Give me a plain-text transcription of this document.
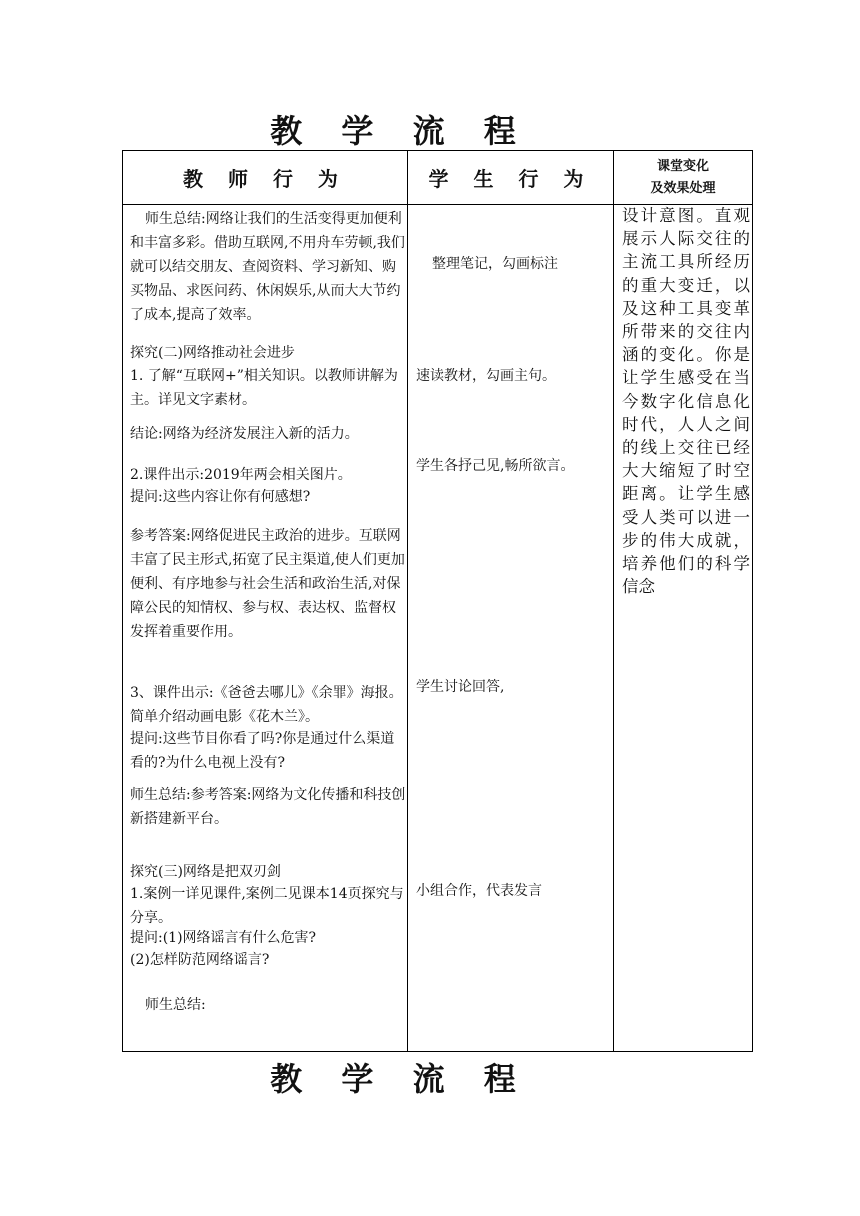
教 学 流 程
教 师 行 为	学 生 行 为
课堂变化
及效果处理

师生总结:网络让我们的生活变得更加便利和丰富多彩。借助互联网,不用舟车劳顿,我们就可以结交朋友、查阅资料、学习新知、购买物品、求医问药、休闲娱乐,从而大大节约了成本,提高了效率。

探究(二)网络推动社会进步

1. 了解“互联网+”相关知识。以教师讲解为主。详见文字素材。

结论:网络为经济发展注入新的活力。

2.课件出示:2019年两会相关图片。

提问:这些内容让你有何感想?

参考答案:网络促进民主政治的进步。互联网丰富了民主形式,拓宽了民主渠道,使人们更加便利、有序地参与社会生活和政治生活,对保障公民的知情权、参与权、表达权、监督权发挥着重要作用。

3、课件出示:《爸爸去哪儿》《余罪》海报。简单介绍动画电影《花木兰》。

提问:这些节目你看了吗?你是通过什么渠道看的?为什么电视上没有?

师生总结:参考答案:网络为文化传播和科技创新搭建新平台。

探究(三)网络是把双刃剑

1.案例一详见课件,案例二见课本14页探究与分享。

提问:(1)网络谣言有什么危害?

(2)怎样防范网络谣言?

师生总结:

整理笔记，勾画标注
速读教材，勾画主句。
学生各抒己见,畅所欲言。
学生讨论回答,
小组合作，代表发言
设计意图。直观展示人际交往的主流工具所经历的重大变迁，以及这种工具变革所带来的交往内涵的变化。你是让学生感受在当今数字化信息化时代，人人之间的线上交往已经大大缩短了时空距离。让学生感受人类可以进一步的伟大成就，培养他们的科学信念
教 学 流 程
